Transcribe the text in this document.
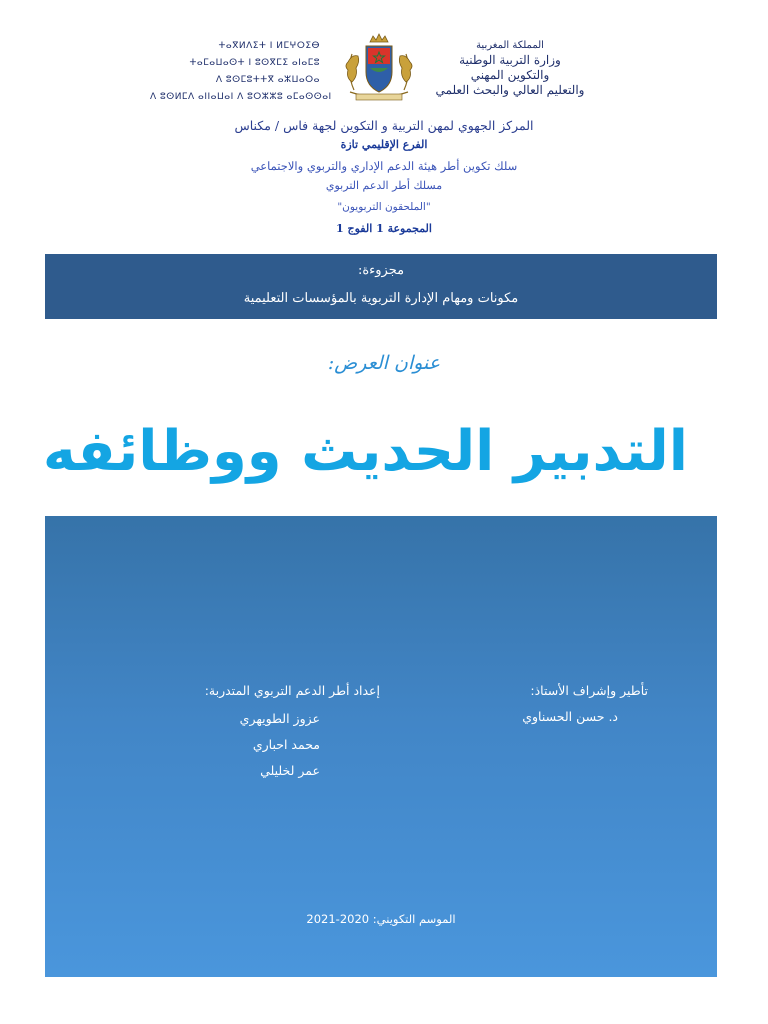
المملكة المغربية
وزارة التربية الوطنية
والتكوين المهني
والتعليم العالي والبحث العلمي
ⵜⴰⴳⵍⴷⵉⵜ ⵏ ⵍⵎⵖⵔⵉⴱ
ⵜⴰⵎⴰⵡⴰⵙⵜ ⵏ ⵓⵙⴳⵎⵉ ⴰⵏⴰⵎⵓ
ⴷ ⵓⵙⵎⵓⵜⵜⴳ ⴰⵣⵡⴰⵔⴰ
ⴷ ⵓⵙⵍⵎⴷ ⴰⵏⵏⴰⵡⴰⵏ ⴷ ⵓⵔⵣⵣⵓ ⴰⵎⴰⵙⵙⴰⵏ
المركز الجهوي لمهن التربية و التكوين لجهة فاس / مكناس
الفرع الإقليمي تازة
سلك تكوين أطر هيئة الدعم الإداري والتربوي والاجتماعي
مسلك أطر الدعم التربوي
"الملحقون التربويون"
المجموعة 1 الفوج 1
مجزوءة:
مكونات ومهام الإدارة التربوية بالمؤسسات التعليمية
عنوان العرض:
التدبير الحديث ووظائفه
تأطير وإشراف الأستاذ:
د. حسن الحسناوي
إعداد أطر الدعم التربوي المتدربة:
عزوز الطويهري
محمد احباري
عمر لخليلي
الموسم التكويني: 2020-2021
